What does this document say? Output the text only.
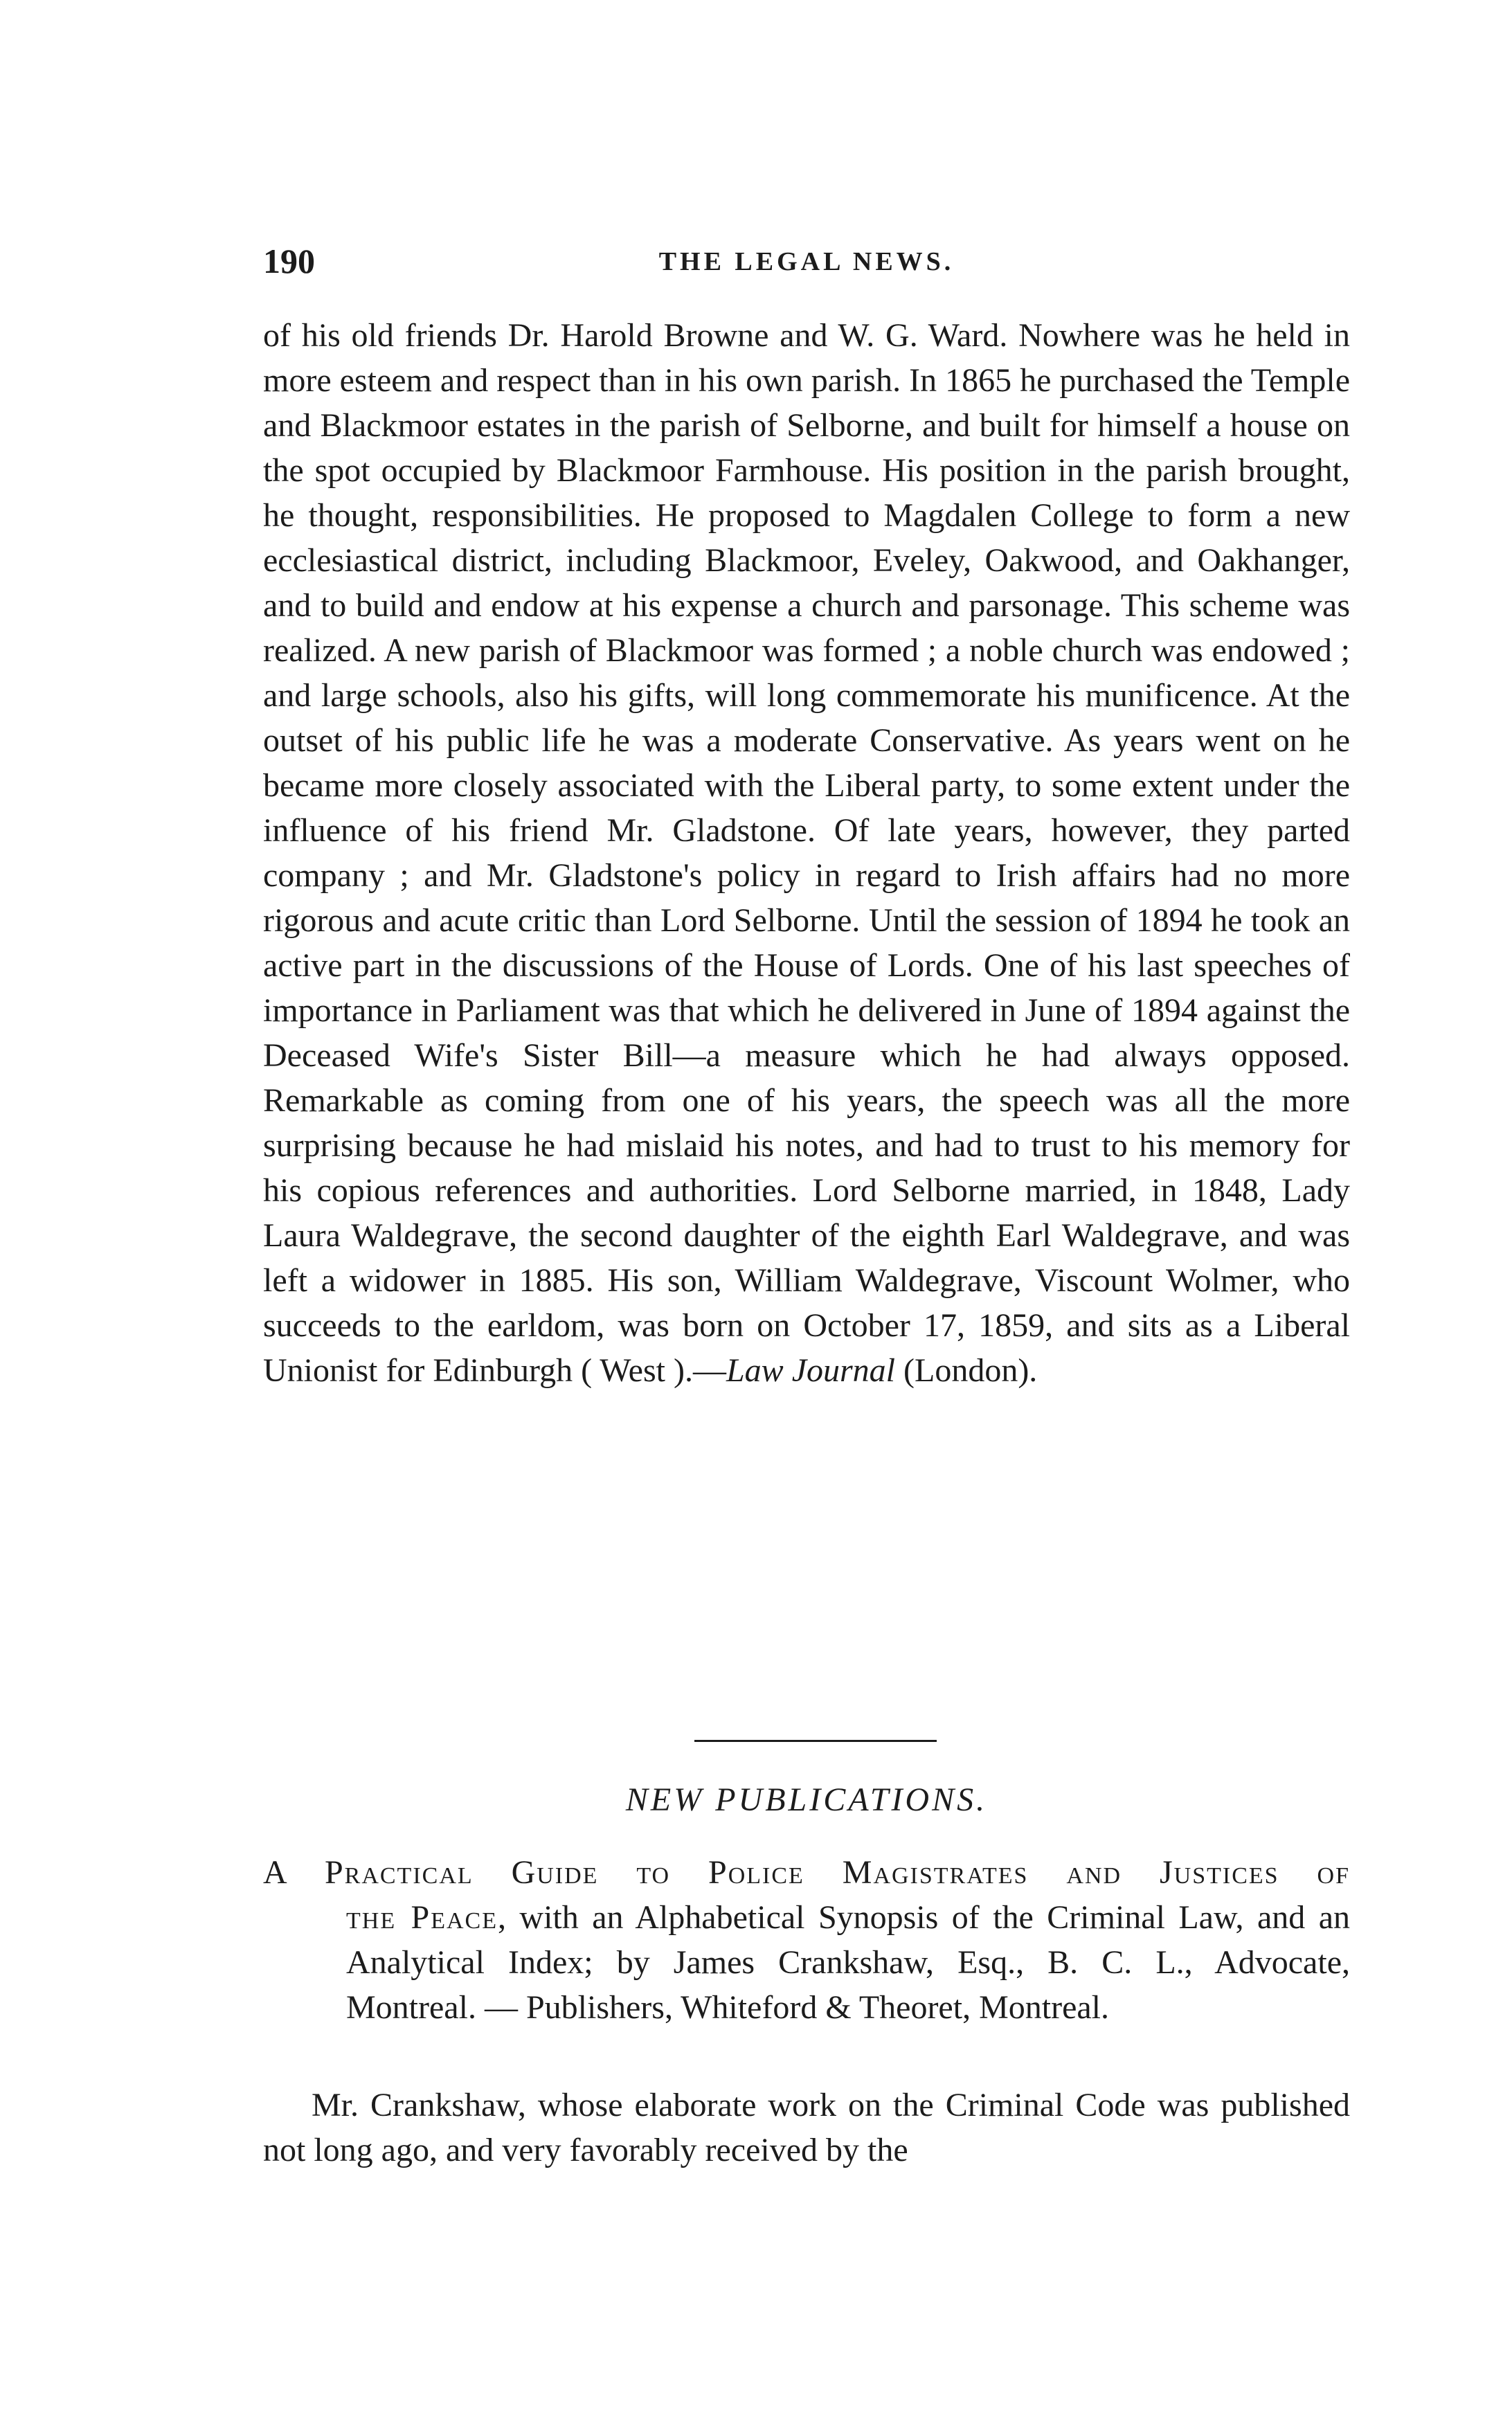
190	THE LEGAL NEWS.

of his old friends Dr. Harold Browne and W. G. Ward. Nowhere was he held in more esteem and respect than in his own parish. In 1865 he purchased the Temple and Blackmoor estates in the parish of Selborne, and built for himself a house on the spot occupied by Blackmoor Farmhouse. His position in the parish brought, he thought, responsibilities. He proposed to Magdalen College to form a new ecclesiastical district, including Blackmoor, Eveley, Oakwood, and Oakhanger, and to build and endow at his expense a church and parsonage. This scheme was realized. A new parish of Blackmoor was formed ; a noble church was endowed ; and large schools, also his gifts, will long commemorate his munificence. At the outset of his public life he was a moderate Conservative. As years went on he became more closely associated with the Liberal party, to some extent under the influence of his friend Mr. Gladstone. Of late years, however, they parted company ; and Mr. Gladstone's policy in regard to Irish affairs had no more rigorous and acute critic than Lord Selborne. Until the session of 1894 he took an active part in the discussions of the House of Lords. One of his last speeches of importance in Parliament was that which he delivered in June of 1894 against the Deceased Wife's Sister Bill—a measure which he had always opposed. Remarkable as coming from one of his years, the speech was all the more surprising because he had mislaid his notes, and had to trust to his memory for his copious references and authorities. Lord Selborne married, in 1848, Lady Laura Waldegrave, the second daughter of the eighth Earl Waldegrave, and was left a widower in 1885. His son, William Waldegrave, Viscount Wolmer, who succeeds to the earldom, was born on October 17, 1859, and sits as a Liberal Unionist for Edinburgh ( West ).—Law Journal (London).

NEW PUBLICATIONS.
A Practical Guide to Police Magistrates and Justices of
the Peace, with an Alphabetical Synopsis of the Criminal Law, and an Analytical Index; by James Crankshaw, Esq., B. C. L., Advocate, Montreal. — Publishers, Whiteford & Theoret, Montreal.

Mr. Crankshaw, whose elaborate work on the Criminal Code was published not long ago, and very favorably received by the
